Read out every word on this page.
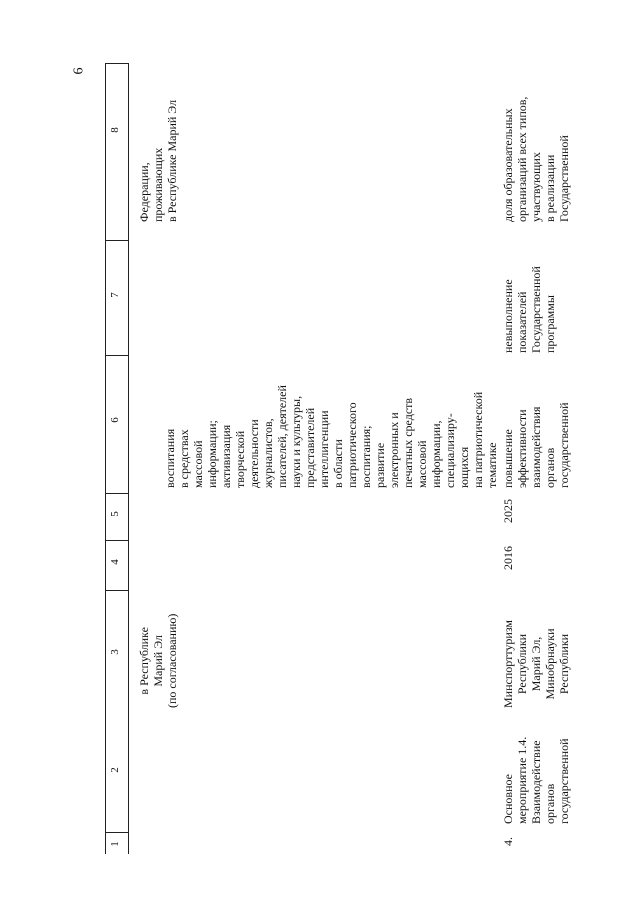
6
1
2
3
4
5
6
7
8
в Республике Марий Эл (по согласованию)
воспитания в средствах массовой информации; активизация творческой деятельности журналистов, писателей, деятелей науки и культуры, представителей интеллигенции в области патриотического воспитания; развитие электронных и печатных средств массовой информации, специализиру- ющихся на патриотической тематике
Федерации, проживающих в Республике Марий Эл
4.
Основное мероприятие 1.4. Взаимодействие органов государственной
Минспорттуризм Республики Марий Эл, Минобрнауки Республики
2016
2025
повышение эффективности взаимодействия органов государственной
невыполнение показателей Государственной программы
доля образовательных организаций всех типов, участвующих в реализации Государственной
